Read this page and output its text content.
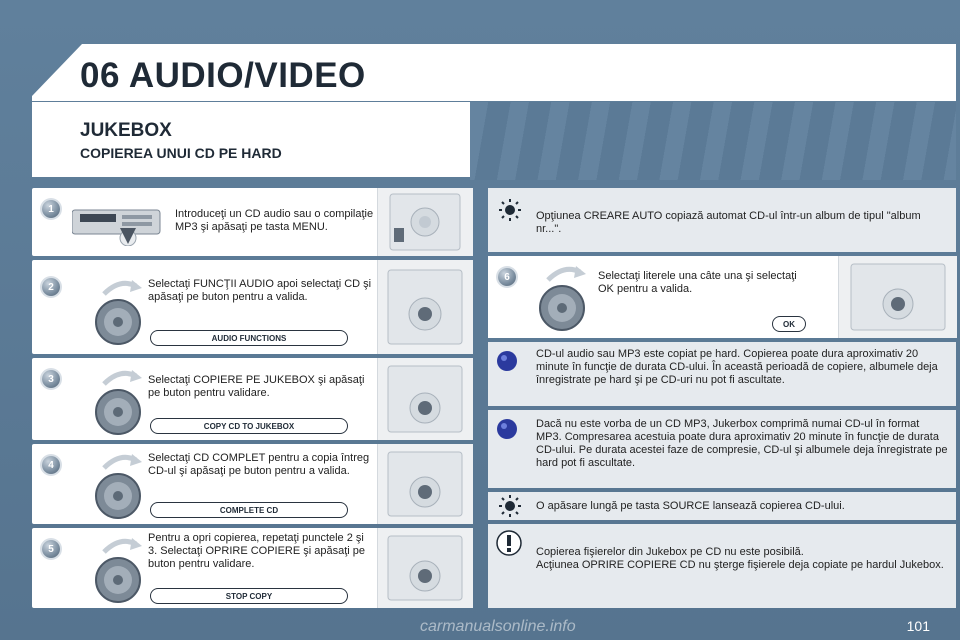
06 AUDIO/VIDEO
JUKEBOX
COPIEREA UNUI CD PE HARD
1	Introduceţi un CD audio sau o compilaţie MP3 şi apăsaţi pe tasta MENU.
2	Selectaţi FUNCŢII AUDIO apoi selectaţi CD şi apăsaţi pe buton pentru a valida.
AUDIO FUNCTIONS
3	Selectaţi COPIERE PE JUKEBOX şi apăsaţi pe buton pentru validare.
COPY CD TO JUKEBOX
4
Selectaţi CD COMPLET pentru a copia întreg CD-ul şi apăsaţi pe buton pentru a valida.
COMPLETE CD
5
Pentru a opri copierea, repetaţi punctele 2 şi 3. Selectaţi OPRIRE COPIERE şi apăsaţi pe buton pentru validare.
STOP COPY
Opţiunea CREARE AUTO copiază automat CD-ul într-un album de tipul "album nr...".
6	Selectaţi literele una câte una şi selectaţi OK pentru a valida.
OK
CD-ul audio sau MP3 este copiat pe hard. Copierea poate dura aproximativ 20 minute în funcţie de durata CD-ului. În această perioadă de copiere, albumele deja înregistrate pe hard şi pe CD-uri nu pot fi ascultate.
Dacă nu este vorba de un CD MP3, Jukerbox comprimă numai CD-ul în format MP3. Compresarea acestuia poate dura aproximativ 20 minute în funcţie de durata CD-ului. Pe durata acestei faze de compresie, CD-ul şi albumele deja înregistrate pe hard pot fi ascultate.
O apăsare lungă pe tasta SOURCE lansează copierea CD-ului.
Copierea fişierelor din Jukebox pe CD nu este posibilă.
Acţiunea OPRIRE COPIERE CD nu şterge fişierele deja copiate pe hardul Jukebox.
101
carmanualsonline.info
